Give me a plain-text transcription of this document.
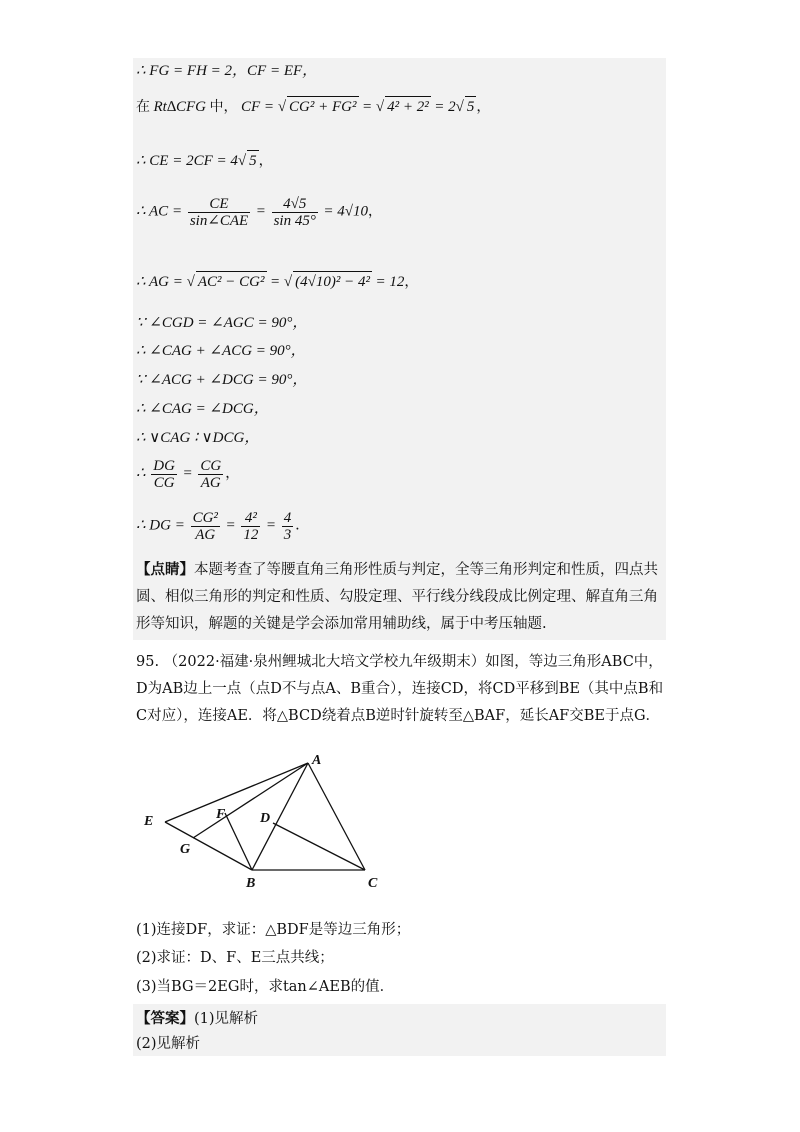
∴ FG = FH = 2，CF = EF，
在 Rt∆CFG 中， CF = √ CG² + FG² = √ 4² + 2² = 2√ 5 ，
∴ CE = 2CF = 4√ 5 ，
∴ AC = $\frac{CE}{\text{sin∠CAE}} = \frac{4√5}{\sin 45^\circ} = 4√10$，
∴ AG = √ AC² − CG² = √ (4√10)² − 4² = 12，
∵ ∠CGD = ∠AGC = 90°，
∴ ∠CAG + ∠ACG = 90°，
∵ ∠ACG + ∠DCG = 90°，
∴ ∠CAG = ∠DCG，
∴ ∨CAG ∶ ∨DCG，
∴ $\frac{DG}{CG} = \frac{CG}{AG}$ ，
∴ DG = $\frac{\text{CG²}}{AG} = \frac{\text{4²}}{12} = \frac{4}{3}$ ．
【点睛】本题考查了等腰直角三角形性质与判定，全等三角形判定和性质，四点共圆、相似三角形的判定和性质、勾股定理、平行线分线段成比例定理、解直角三角形等知识，解题的关键是学会添加常用辅助线，属于中考压轴题.
95. （2022·福建·泉州鲤城北大培文学校九年级期末）如图，等边三角形ABC中，D为AB边上一点（点D不与点A、B重合），连接CD，将CD平移到BE（其中点B和C对应），连接AE．将△BCD绕着点B逆时针旋转至△BAF，延长AF交BE于点G．
A
B	C
D
E	F
G
(1)连接DF，求证：△BDF是等边三角形；
(2)求证：D、F、E三点共线；
(3)当BG＝2EG时，求tan∠AEB的值．
【答案】(1)见解析
(2)见解析
